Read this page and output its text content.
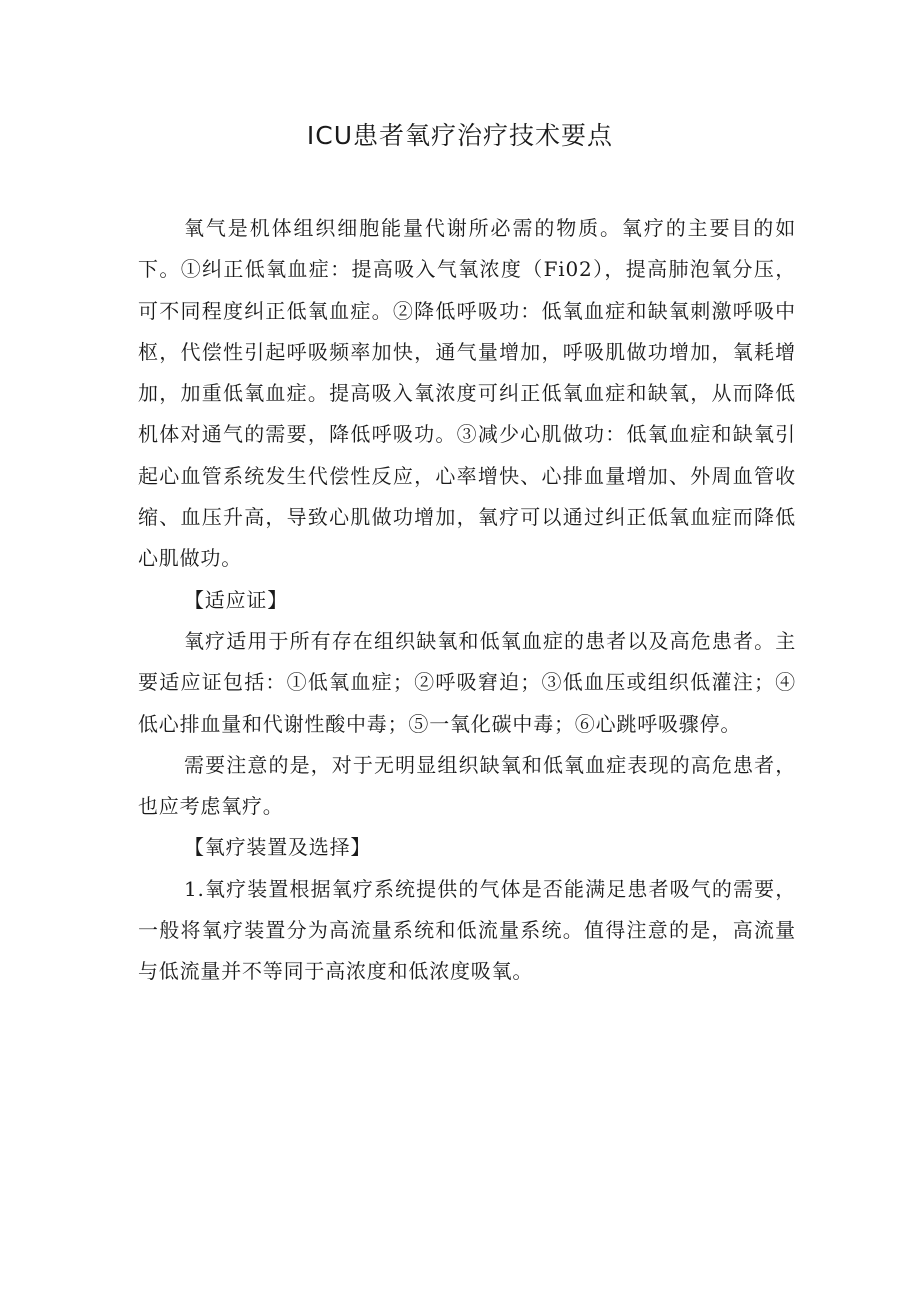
ICU患者氧疗治疗技术要点

氧气是机体组织细胞能量代谢所必需的物质。氧疗的主要目的如下。①纠正低氧血症：提高吸入气氧浓度（Fi02），提高肺泡氧分压，可不同程度纠正低氧血症。②降低呼吸功：低氧血症和缺氧刺激呼吸中枢，代偿性引起呼吸频率加快，通气量增加，呼吸肌做功增加，氧耗增加，加重低氧血症。提高吸入氧浓度可纠正低氧血症和缺氧，从而降低机体对通气的需要，降低呼吸功。③减少心肌做功：低氧血症和缺氧引起心血管系统发生代偿性反应，心率增快、心排血量增加、外周血管收缩、血压升高，导致心肌做功增加，氧疗可以通过纠正低氧血症而降低心肌做功。

【适应证】

氧疗适用于所有存在组织缺氧和低氧血症的患者以及高危患者。主要适应证包括：①低氧血症；②呼吸窘迫；③低血压或组织低灌注；④低心排血量和代谢性酸中毒；⑤一氧化碳中毒；⑥心跳呼吸骤停。

需要注意的是，对于无明显组织缺氧和低氧血症表现的高危患者，也应考虑氧疗。

【氧疗装置及选择】

1.氧疗装置根据氧疗系统提供的气体是否能满足患者吸气的需要，一般将氧疗装置分为高流量系统和低流量系统。值得注意的是，高流量与低流量并不等同于高浓度和低浓度吸氧。
